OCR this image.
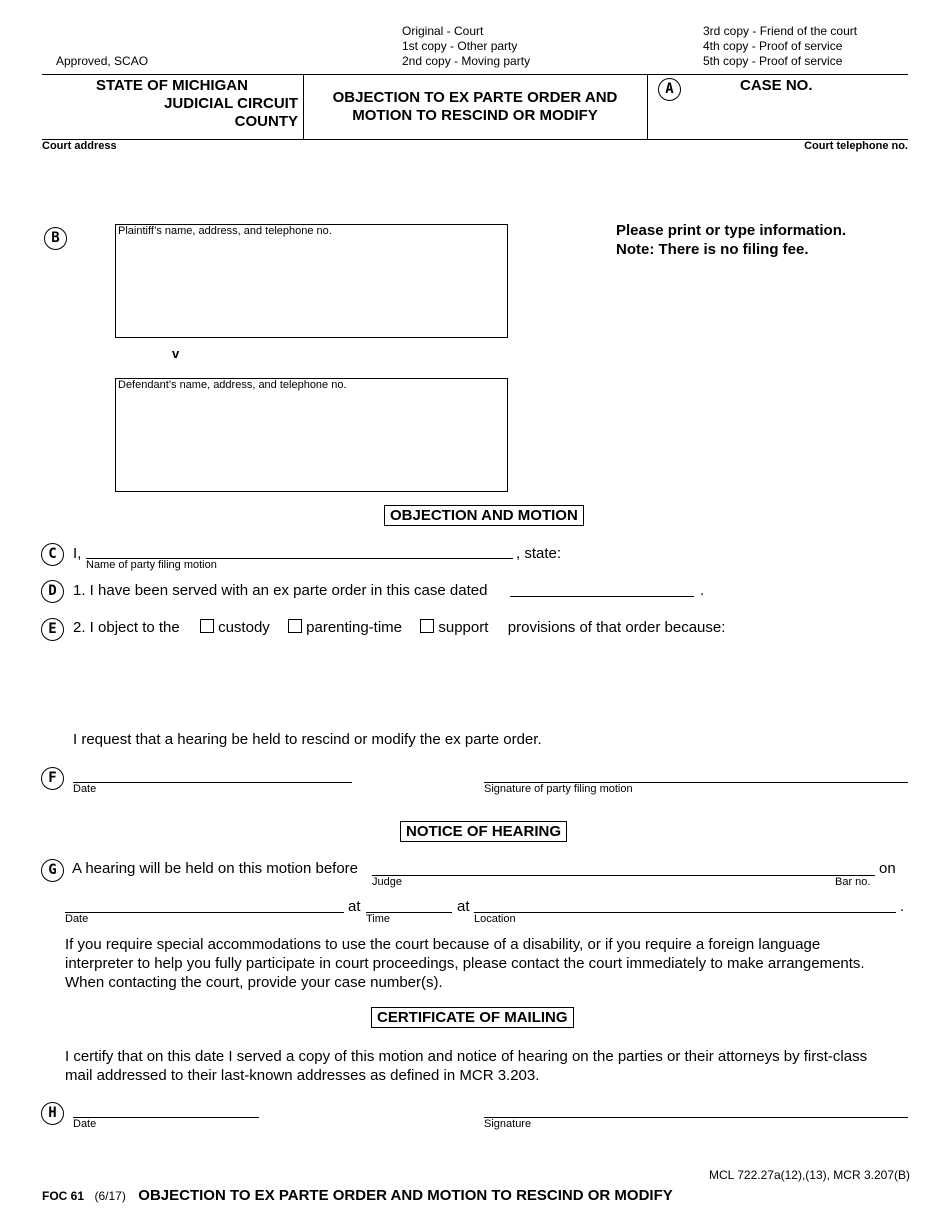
Approved, SCAO
Original - Court
1st copy - Other party
2nd copy - Moving party
3rd copy - Friend of the court
4th copy - Proof of service
5th copy - Proof of service
STATE OF MICHIGAN
JUDICIAL CIRCUIT
COUNTY
OBJECTION TO EX PARTE ORDER AND
MOTION TO RESCIND OR MODIFY
A	CASE NO.
Court address	Court telephone no.
B	Plaintiff’s name, address, and telephone no.
v
Defendant’s name, address, and telephone no.
Please print or type information.
Note: There is no filing fee.
OBJECTION AND MOTION
C	I,	, state:
Name of party filing motion
D	1. I have been served with an ex parte order in this case dated	.
E	2. I object to the	custody parenting-time support provisions of that order because:
I request that a hearing be held to rescind or modify the ex parte order.
F
Date	Signature of party filing motion
NOTICE OF HEARING
G	A hearing will be held on this motion before	on
Judge	Bar no.
at	at	.
Date	Time	Location
If you require special accommodations to use the court because of a disability, or if you require a foreign language
interpreter to help you fully participate in court proceedings, please contact the court immediately to make arrangements.
When contacting the court, provide your case number(s).
CERTIFICATE OF MAILING
I certify that on this date I served a copy of this motion and notice of hearing on the parties or their attorneys by first-class
mail addressed to their last-known addresses as defined in MCR 3.203.
H
Date	Signature
MCL 722.27a(12),(13), MCR 3.207(B)
FOC 61 (6/17) OBJECTION TO EX PARTE ORDER AND MOTION TO RESCIND OR MODIFY
